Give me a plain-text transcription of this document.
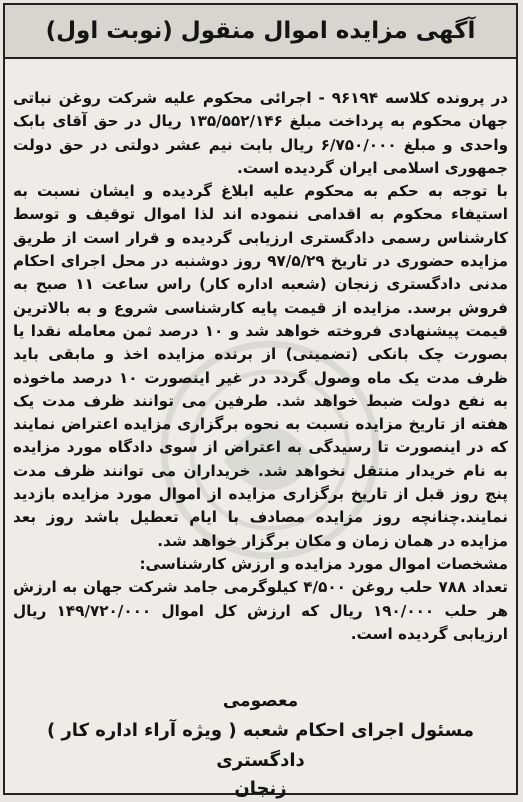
آگهی مزایده اموال منقول (نوبت اول)

در پرونده کلاسه ۹۶۱۹۴ - اجرائی محکوم علیه شرکت روغن نباتی جهان محکوم به پرداخت مبلغ ۱۳۵/۵۵۲/۱۴۶ ریال در حق آقای بابک واحدی و مبلغ ۶/۷۵۰/۰۰۰ ریال بابت نیم عشر دولتی در حق دولت جمهوری اسلامی ایران گردیده است.

با توجه به حکم به محکوم علیه ابلاغ گردیده و ایشان نسبت به استیفاء محکوم به اقدامی ننموده اند لذا اموال توقیف و توسط کارشناس رسمی دادگستری ارزیابی گردیده و قرار است از طریق مزایده حضوری در تاریخ ۹۷/۵/۲۹ روز دوشنبه در محل اجرای احکام مدنی دادگستری زنجان (شعبه اداره کار) راس ساعت ۱۱ صبح به فروش برسد. مزایده از قیمت پایه کارشناسی شروع و به بالاترین قیمت پیشنهادی فروخته خواهد شد و ۱۰ درصد ثمن معامله نقدا یا بصورت چک بانکی (تضمینی) از برنده مزایده اخذ و مابقی باید ظرف مدت یک ماه وصول گردد در غیر اینصورت ۱۰ درصد ماخوذه به نفع دولت ضبط خواهد شد. طرفین می توانند ظرف مدت یک هفته از تاریخ مزایده نسبت به نحوه برگزاری مزایده اعتراض نمایند که در اینصورت تا رسیدگی به اعتراض از سوی دادگاه مورد مزایده به نام خریدار منتقل نخواهد شد. خریداران می توانند ظرف مدت پنج روز قبل از تاریخ برگزاری مزایده از اموال مورد مزایده بازدید نمایند.چنانچه روز مزایده مصادف با ایام تعطیل باشد روز بعد مزایده در همان زمان و مکان برگزار خواهد شد.

مشخصات اموال مورد مزایده و ارزش کارشناسی:

تعداد ۷۸۸ حلب روغن ۴/۵۰۰ کیلوگرمی جامد شرکت جهان به ارزش هر حلب ۱۹۰/۰۰۰ ریال که ارزش کل اموال ۱۴۹/۷۲۰/۰۰۰ ریال ارزیابی گردیده است.

معصومی
مسئول اجرای احکام شعبه ( ویژه آراء اداره کار ) دادگستری
زنجان
